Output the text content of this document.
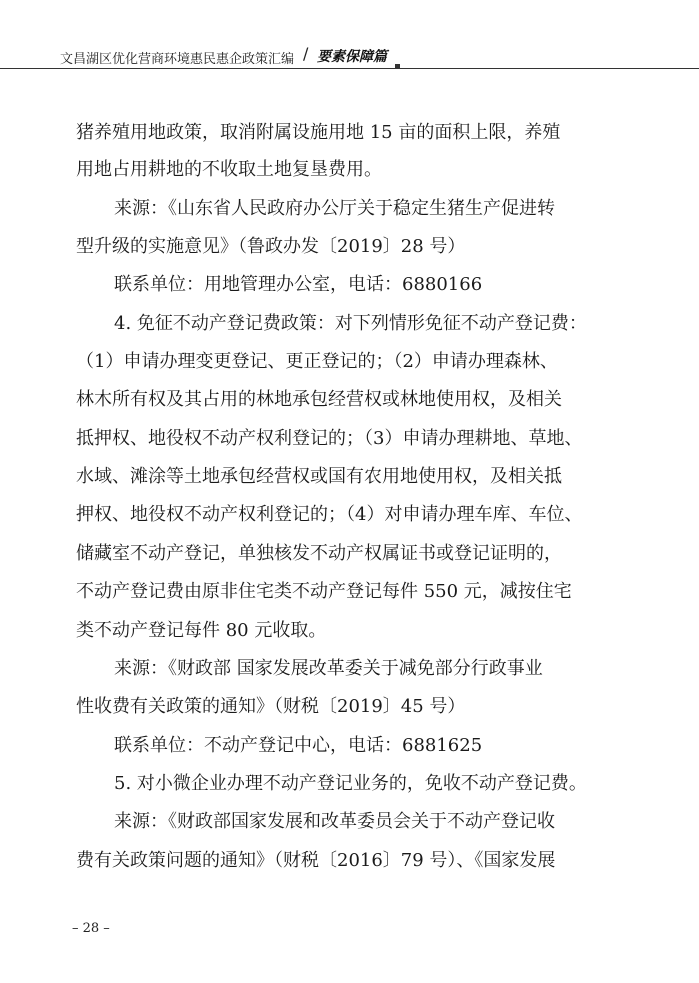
文昌湖区优化营商环境惠民惠企政策汇编 / 要素保障篇
猪养殖用地政策，取消附属设施用地 15 亩的面积上限，养殖
用地占用耕地的不收取土地复垦费用。
来源：《山东省人民政府办公厅关于稳定生猪生产促进转
型升级的实施意见》（鲁政办发〔2019〕28 号）
联系单位：用地管理办公室，电话：6880166
4. 免征不动产登记费政策：对下列情形免征不动产登记费：
（1）申请办理变更登记、更正登记的；（2）申请办理森林、
林木所有权及其占用的林地承包经营权或林地使用权，及相关
抵押权、地役权不动产权利登记的；（3）申请办理耕地、草地、
水域、滩涂等土地承包经营权或国有农用地使用权，及相关抵
押权、地役权不动产权利登记的；（4）对申请办理车库、车位、
储藏室不动产登记，单独核发不动产权属证书或登记证明的，
不动产登记费由原非住宅类不动产登记每件 550 元，减按住宅
类不动产登记每件 80 元收取。
来源：《财政部 国家发展改革委关于减免部分行政事业
性收费有关政策的通知》（财税〔2019〕45 号）
联系单位：不动产登记中心，电话：6881625
5. 对小微企业办理不动产登记业务的，免收不动产登记费。
来源：《财政部国家发展和改革委员会关于不动产登记收
费有关政策问题的通知》（财税〔2016〕79 号）、《国家发展
– 28 –
